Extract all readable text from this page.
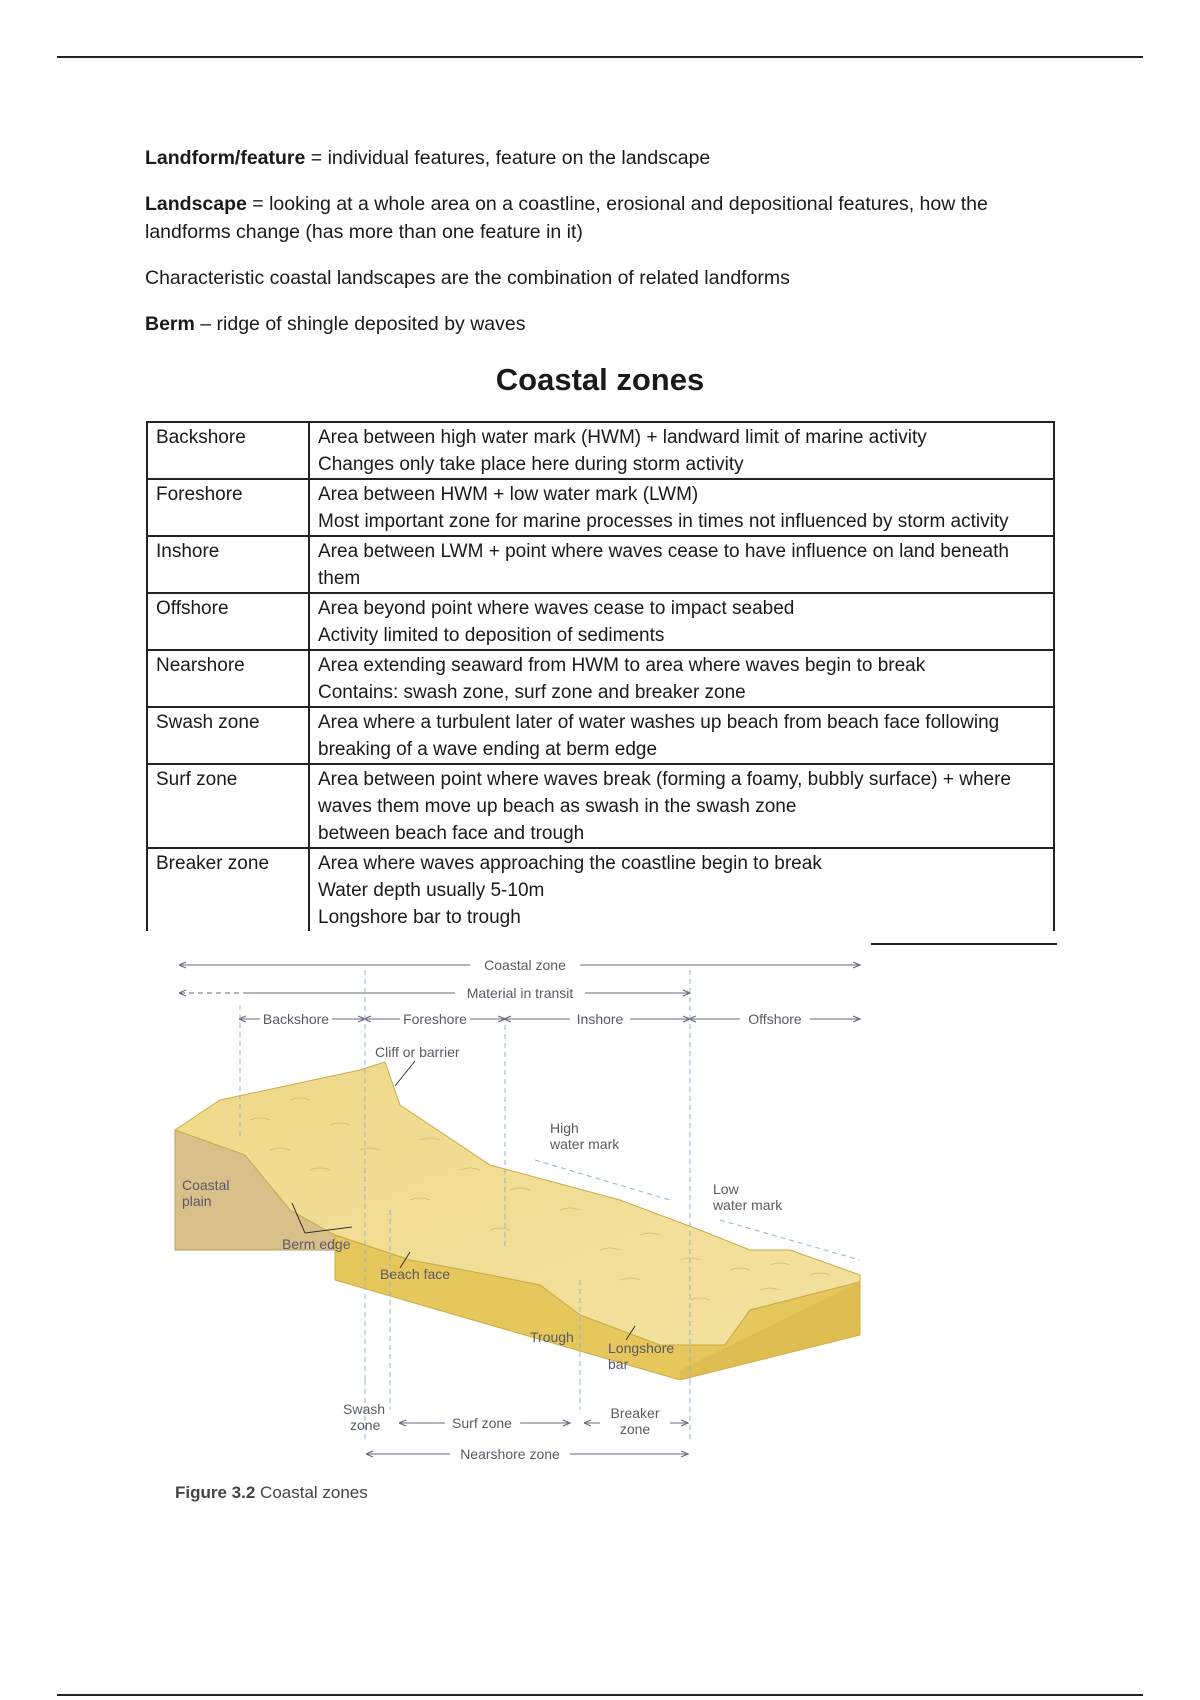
Landform/feature = individual features, feature on the landscape

Landscape = looking at a whole area on a coastline, erosional and depositional features, how the landforms change (has more than one feature in it)

Characteristic coastal landscapes are the combination of related landforms

Berm – ridge of shingle deposited by waves

Coastal zones
Backshore	Area between high water mark (HWM) + landward limit of marine activity
Changes only take place here during storm activity

Foreshore	Area between HWM + low water mark (LWM)
Most important zone for marine processes in times not influenced by storm activity

Inshore	Area between LWM + point where waves cease to have influence on land beneath them

Offshore	Area beyond point where waves cease to impact seabed
Activity limited to deposition of sediments

Nearshore	Area extending seaward from HWM to area where waves begin to break
Contains: swash zone, surf zone and breaker zone

Swash zone	Area where a turbulent later of water washes up beach from beach face following breaking of a wave ending at berm edge

Surf zone	Area between point where waves break (forming a foamy, bubbly surface) + where waves them move up beach as swash in the swash zone
between beach face and trough

Breaker zone	Area where waves approaching the coastline begin to break
Water depth usually 5-10m
Longshore bar to trough
Coastal zone
Material in transit
Backshore	Foreshore	Inshore	Offshore
Cliff or barrier
High
water mark
Low
water mark
Coastal
plain
Berm edge
Beach face
Trough
Longshore
bar
Swash
zone	Surf zone
Breaker
zone
Nearshore zone
Figure 3.2 Coastal zones
